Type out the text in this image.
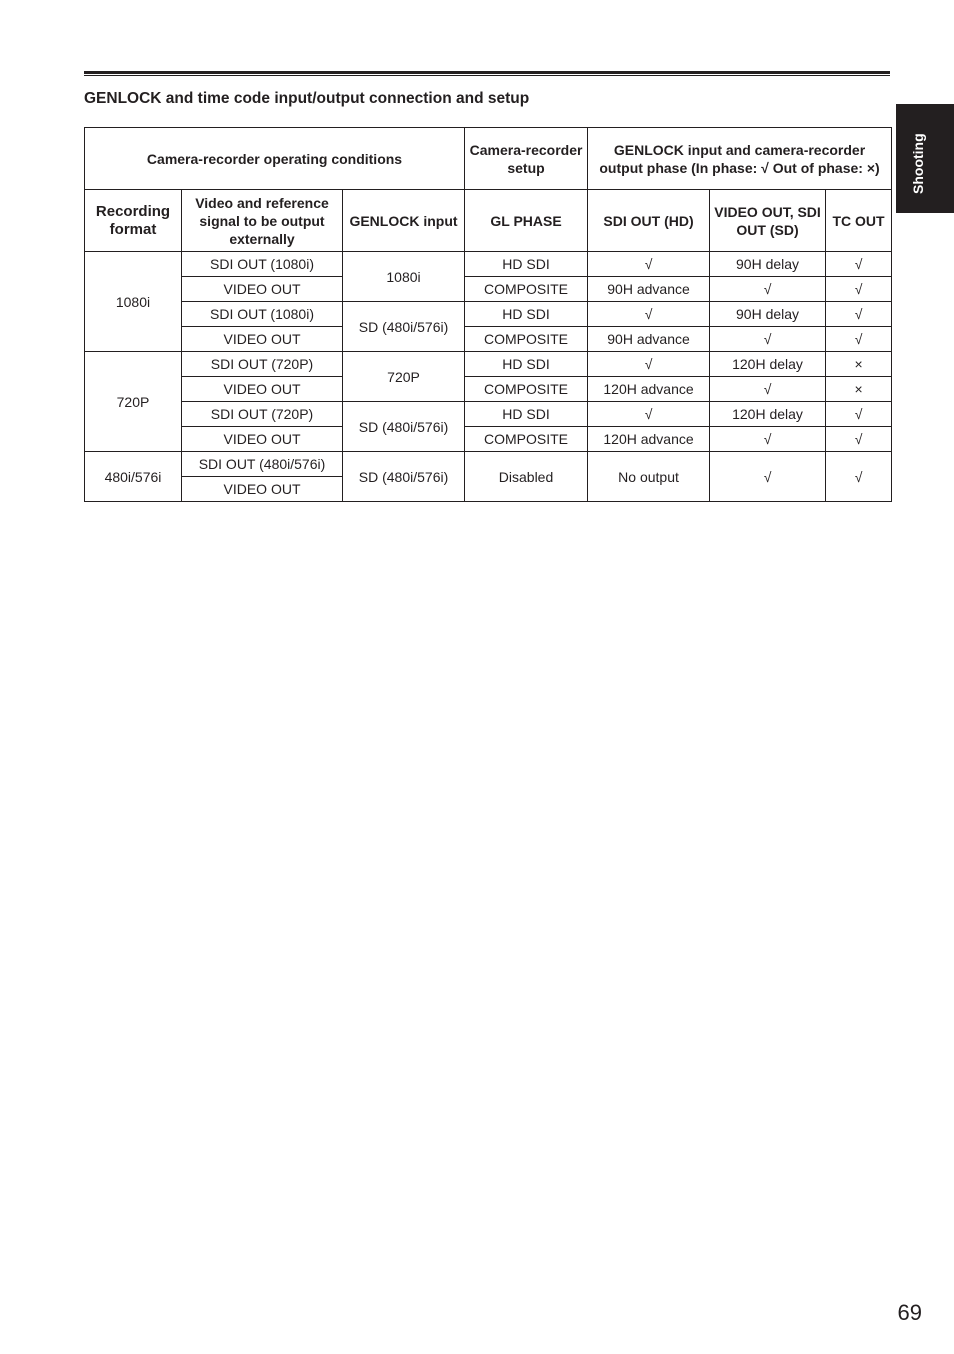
GENLOCK and time code input/output connection and setup
Shooting
Camera-recorder operating conditions			Camera-recorder setup	GENLOCK input and camera-recorder output phase (In phase: √ Out of phase: ×)		
Recording format	Video and reference signal to be output externally	GENLOCK input	GL PHASE	SDI OUT (HD)	VIDEO OUT, SDI OUT (SD)	TC OUT
1080i	SDI OUT (1080i)	1080i	HD SDI	√	90H delay	√
	VIDEO OUT		COMPOSITE	90H advance	√	√
	SDI OUT (1080i)	SD (480i/576i)	HD SDI	√	90H delay	√
	VIDEO OUT		COMPOSITE	90H advance	√	√
720P	SDI OUT (720P)	720P	HD SDI	√	120H delay	×
	VIDEO OUT		COMPOSITE	120H advance	√	×
	SDI OUT (720P)	SD (480i/576i)	HD SDI	√	120H delay	√
	VIDEO OUT		COMPOSITE	120H advance	√	√
480i/576i	SDI OUT (480i/576i)	SD (480i/576i)	Disabled	No output	√	√
	VIDEO OUT					
69
